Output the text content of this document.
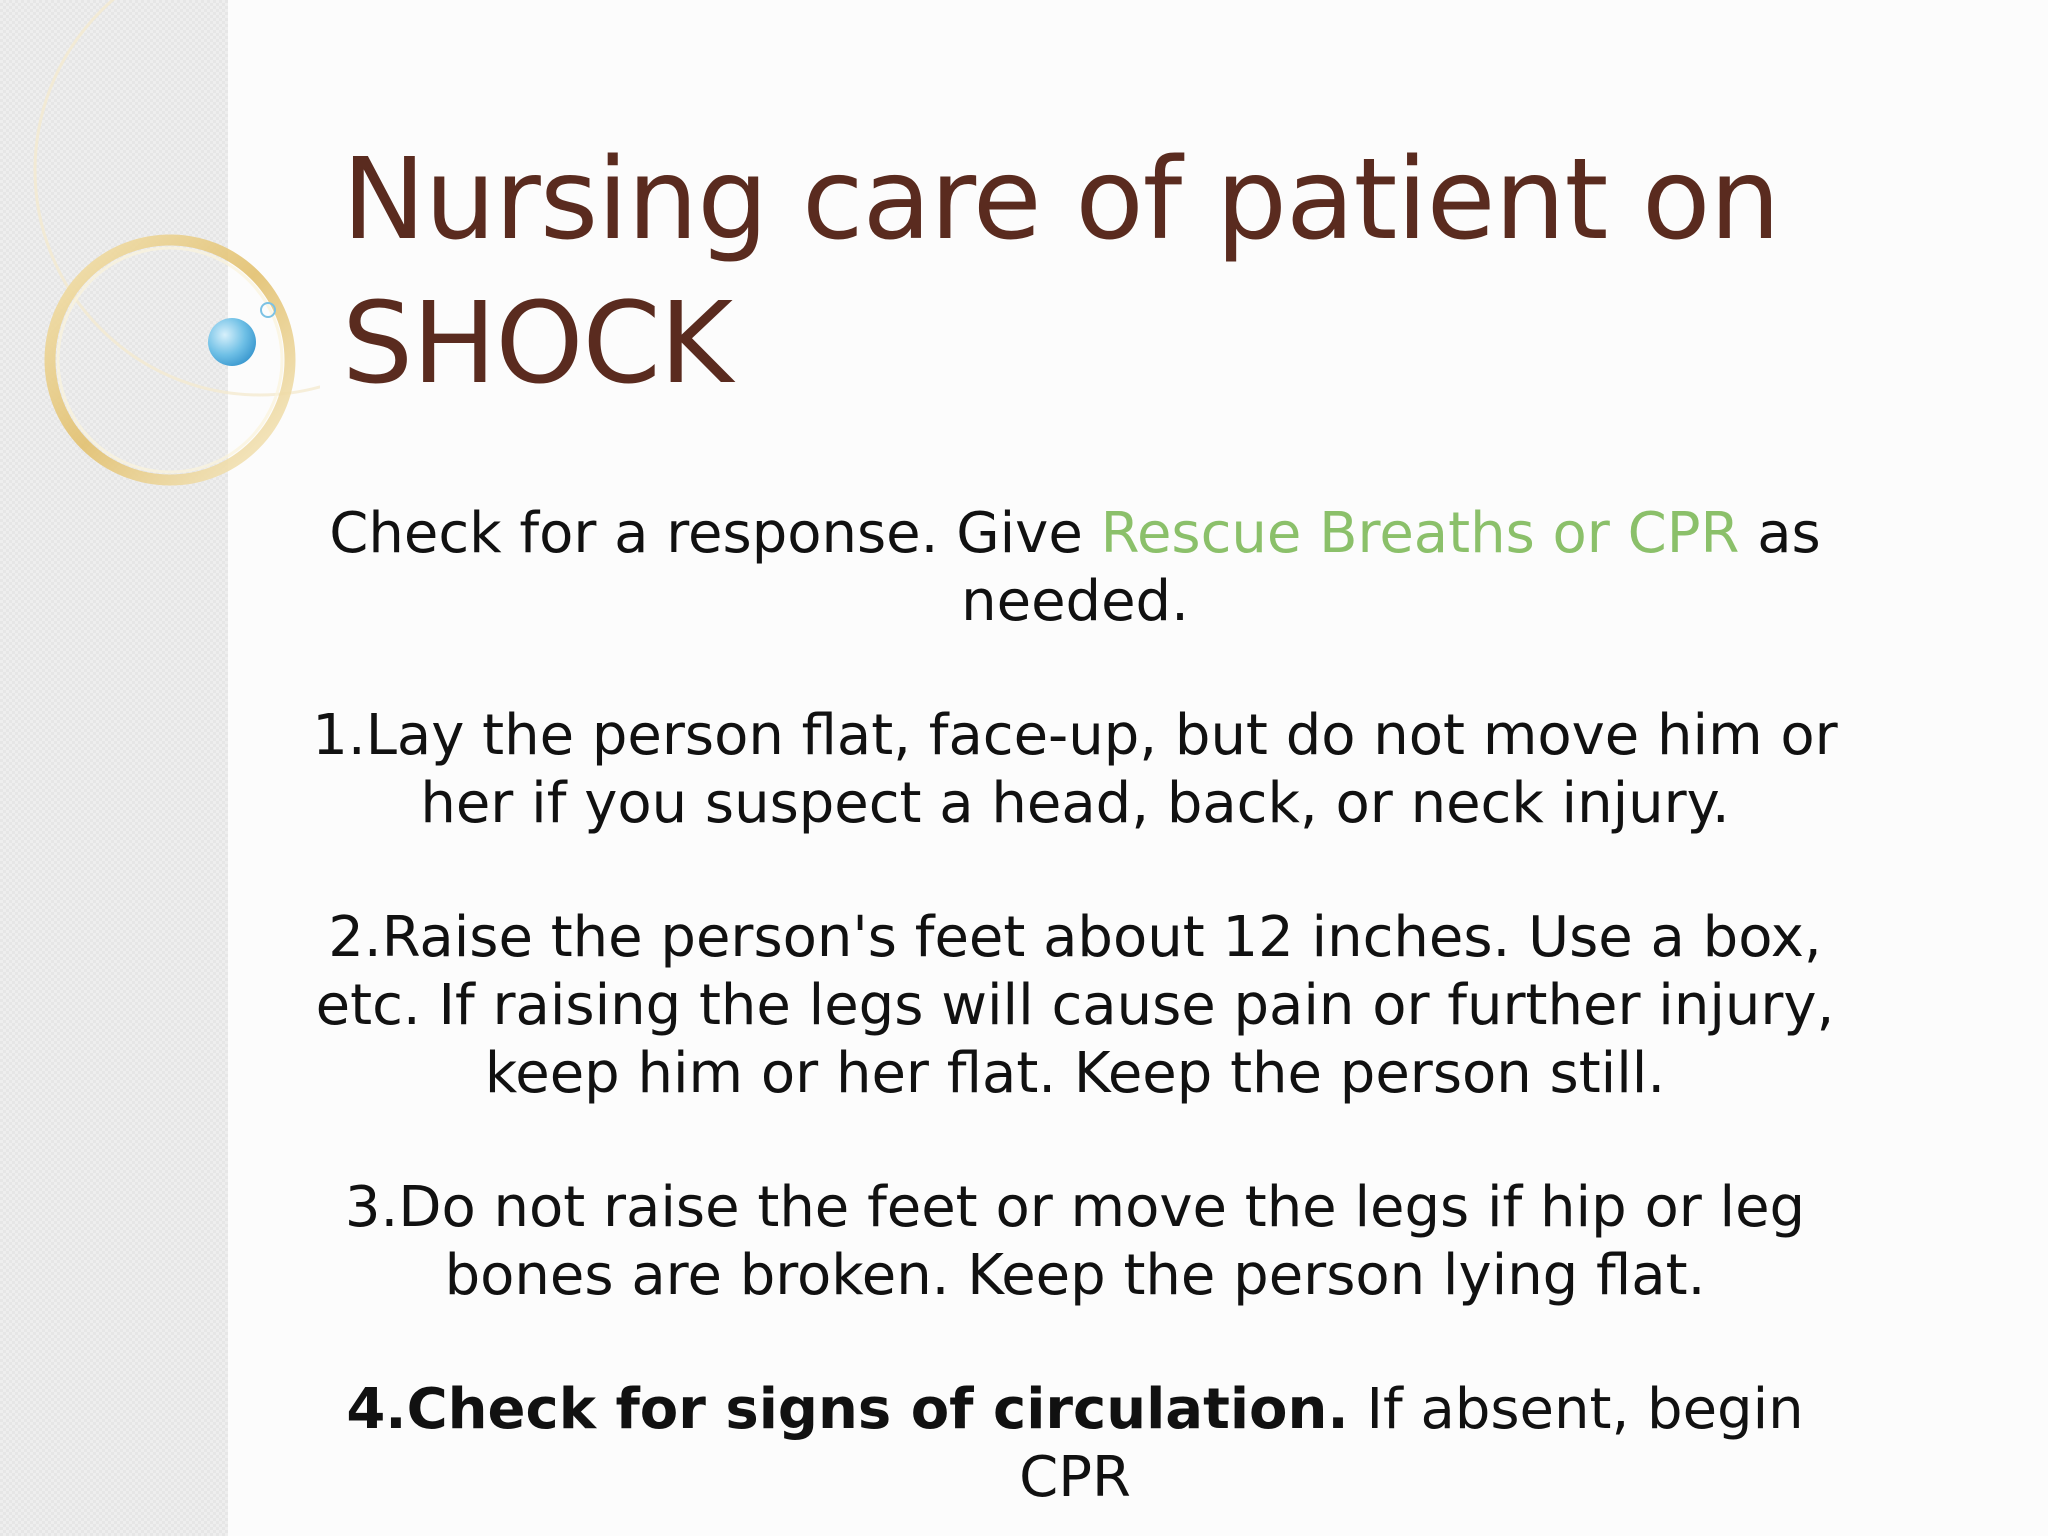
Nursing care of patient on
SHOCK

Check for a response. Give Rescue Breaths or CPR as needed.

1.Lay the person flat, face-up, but do not move him or her if you suspect a head, back, or neck injury.

2.Raise the person's feet about 12 inches. Use a box, etc. If raising the legs will cause pain or further injury, keep him or her flat. Keep the person still.

3.Do not raise the feet or move the legs if hip or leg bones are broken. Keep the person lying flat.

4.Check for signs of circulation. If absent, begin CPR
